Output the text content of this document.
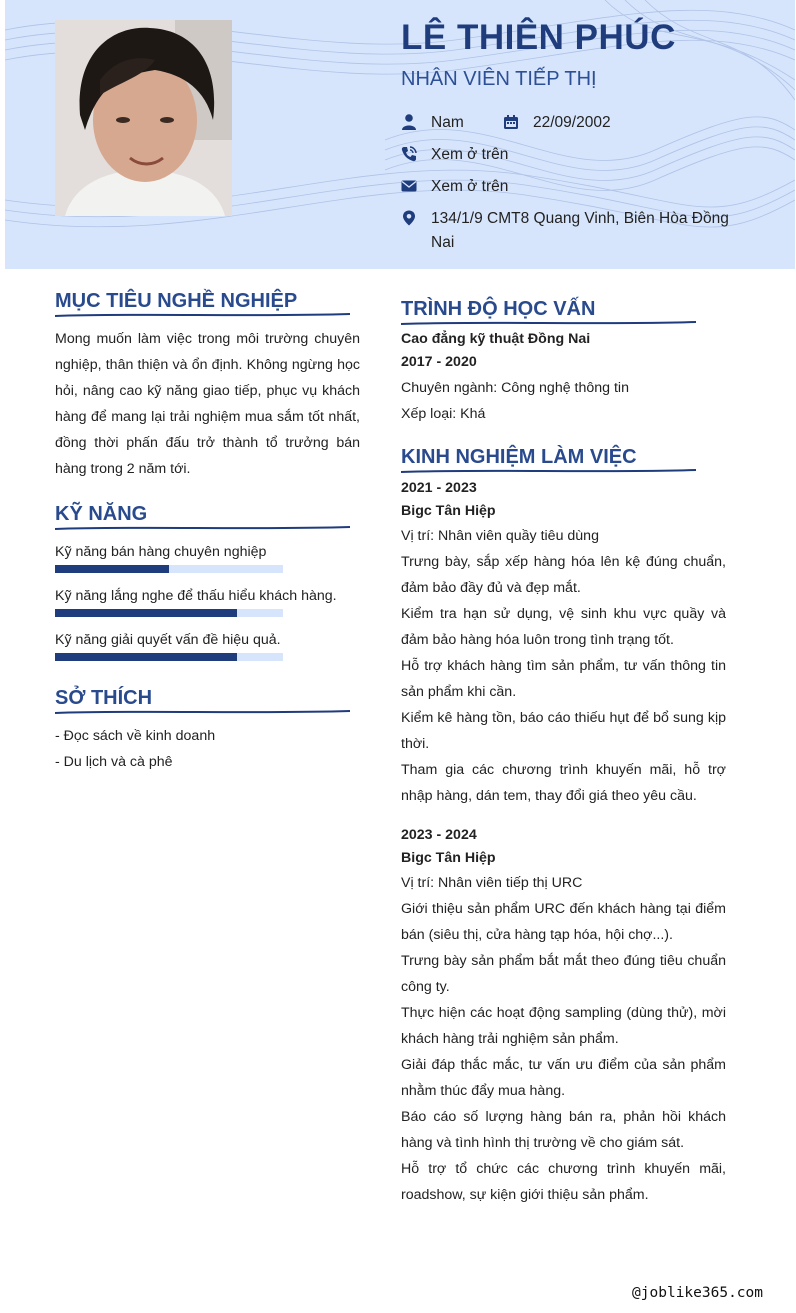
LÊ THIÊN PHÚC
NHÂN VIÊN TIẾP THỊ
Nam	22/09/2002
Xem ở trên
Xem ở trên
134/1/9 CMT8 Quang Vinh, Biên Hòa Đồng Nai
MỤC TIÊU NGHỀ NGHIỆP
Mong muốn làm việc trong môi trường chuyên nghiệp, thân thiện và ổn định. Không ngừng học hỏi, nâng cao kỹ năng giao tiếp, phục vụ khách hàng để mang lại trải nghiệm mua sắm tốt nhất, đồng thời phấn đấu trở thành tổ trưởng bán hàng trong 2 năm tới.
KỸ NĂNG
Kỹ năng bán hàng chuyên nghiệp
Kỹ năng lắng nghe để thấu hiểu khách hàng.
Kỹ năng giải quyết vấn đề hiệu quả.
SỞ THÍCH
- Đọc sách về kinh doanh
- Du lịch và cà phê
TRÌNH ĐỘ HỌC VẤN
Cao đẳng kỹ thuật Đồng Nai
2017 - 2020
Chuyên ngành: Công nghệ thông tin
Xếp loại: Khá
KINH NGHIỆM LÀM VIỆC
2021 - 2023
Bigc Tân Hiệp
Vị trí: Nhân viên quầy tiêu dùng
Trưng bày, sắp xếp hàng hóa lên kệ đúng chuẩn, đảm bảo đầy đủ và đẹp mắt.
Kiểm tra hạn sử dụng, vệ sinh khu vực quầy và đảm bảo hàng hóa luôn trong tình trạng tốt.
Hỗ trợ khách hàng tìm sản phẩm, tư vấn thông tin sản phẩm khi cần.
Kiểm kê hàng tồn, báo cáo thiếu hụt để bổ sung kịp thời.
Tham gia các chương trình khuyến mãi, hỗ trợ nhập hàng, dán tem, thay đổi giá theo yêu cầu.
2023 - 2024
Bigc Tân Hiệp
Vị trí: Nhân viên tiếp thị URC
Giới thiệu sản phẩm URC đến khách hàng tại điểm bán (siêu thị, cửa hàng tạp hóa, hội chợ...).
Trưng bày sản phẩm bắt mắt theo đúng tiêu chuẩn công ty.
Thực hiện các hoạt động sampling (dùng thử), mời khách hàng trải nghiệm sản phẩm.
Giải đáp thắc mắc, tư vấn ưu điểm của sản phẩm nhằm thúc đẩy mua hàng.
Báo cáo số lượng hàng bán ra, phản hồi khách hàng và tình hình thị trường về cho giám sát.
Hỗ trợ tổ chức các chương trình khuyến mãi, roadshow, sự kiện giới thiệu sản phẩm.
@joblike365.com
